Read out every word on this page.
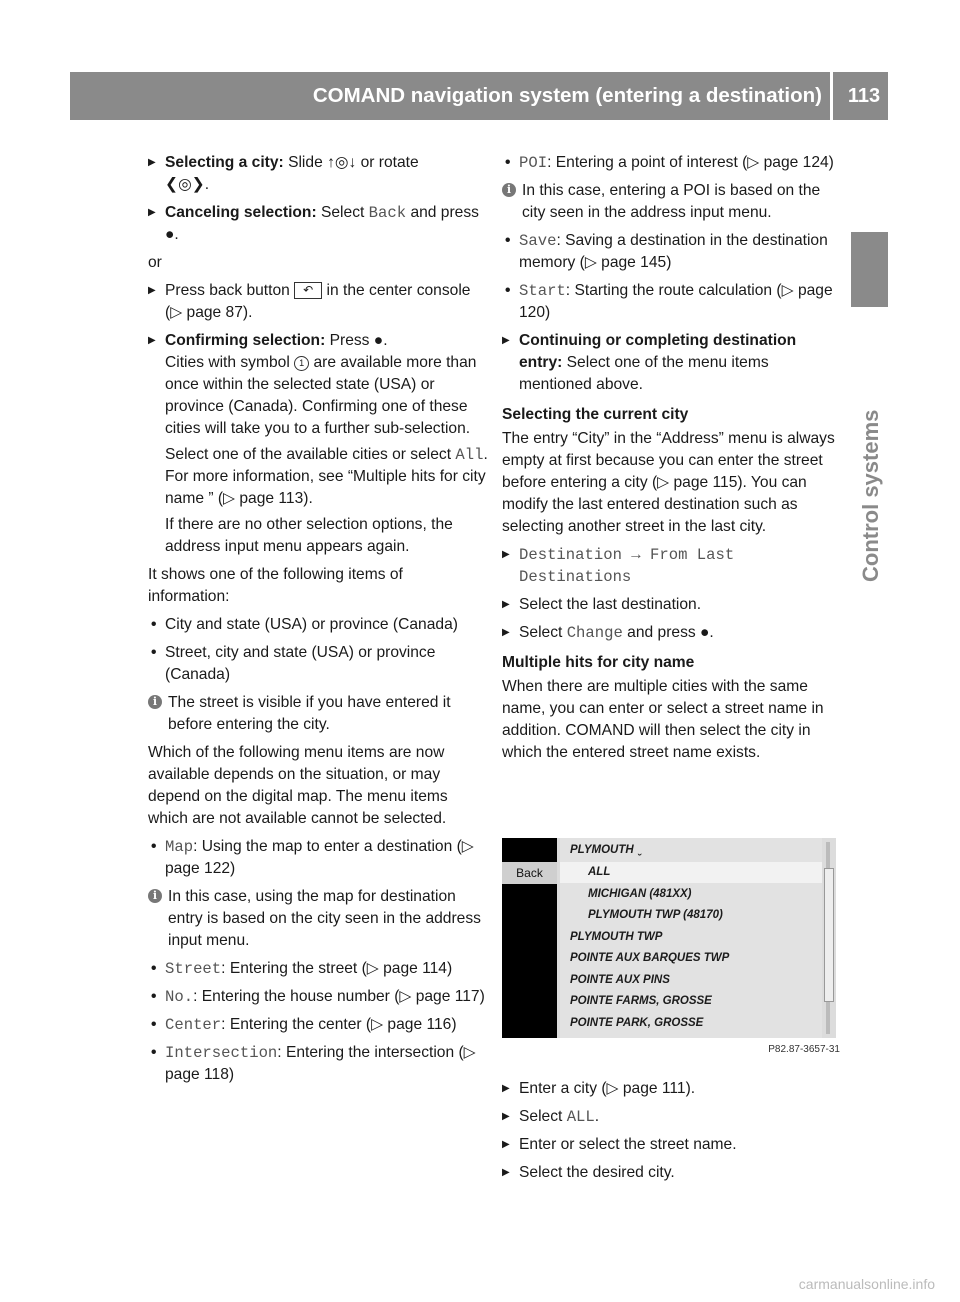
COMAND navigation system (entering a destination)	113
Control systems
▶ Selecting a city: Slide ↑◎↓ or rotate
❮◎❯.
▶ Canceling selection: Select Back and press ●.
or
▶ Press back button ↶ in the center console (▷ page 87).
▶ Confirming selection: Press ●.
Cities with symbol 1 are available more than once within the selected state (USA) or province (Canada). Confirming one of these cities will take you to a further sub-selection.
Select one of the available cities or select All. For more information, see “Multiple hits for city name ” (▷ page 113).
If there are no other selection options, the address input menu appears again.
It shows one of the following items of information:
• City and state (USA) or province (Canada)
• Street, city and state (USA) or province (Canada)
i The street is visible if you have entered it before entering the city.
Which of the following menu items are now available depends on the situation, or may depend on the digital map. The menu items which are not available cannot be selected.
• Map: Using the map to enter a destination (▷ page 122)
i In this case, using the map for destination entry is based on the city seen in the address input menu.
• Street: Entering the street (▷ page 114)
• No.: Entering the house number (▷ page 117)
• Center: Entering the center (▷ page 116)
• Intersection: Entering the intersection (▷ page 118)
• POI: Entering a point of interest (▷ page 124)
i In this case, entering a POI is based on the city seen in the address input menu.
• Save: Saving a destination in the destination memory (▷ page 145)
• Start: Starting the route calculation (▷ page 120)
▶ Continuing or completing destination entry: Select one of the menu items mentioned above.
Selecting the current city
The entry “City” in the “Address” menu is always empty at first because you can enter the street before entering a city (▷ page 115). You can modify the last entered destination such as selecting another street in the last city.
▶ Destination → From Last Destinations
▶ Select the last destination.
▶ Select Change and press ●.
Multiple hits for city name
When there are multiple cities with the same name, you can enter or select a street name in addition. COMAND will then select the city in which the entered street name exists.
Back
PLYMOUTH ˬ
ALL
MICHIGAN (481XX)
PLYMOUTH TWP (48170)
PLYMOUTH TWP
POINTE AUX BARQUES TWP
POINTE AUX PINS
POINTE FARMS, GROSSE
POINTE PARK, GROSSE
P82.87-3657-31
▶ Enter a city (▷ page 111).
▶ Select ALL.
▶ Enter or select the street name.
▶ Select the desired city.
carmanualsonline.info
